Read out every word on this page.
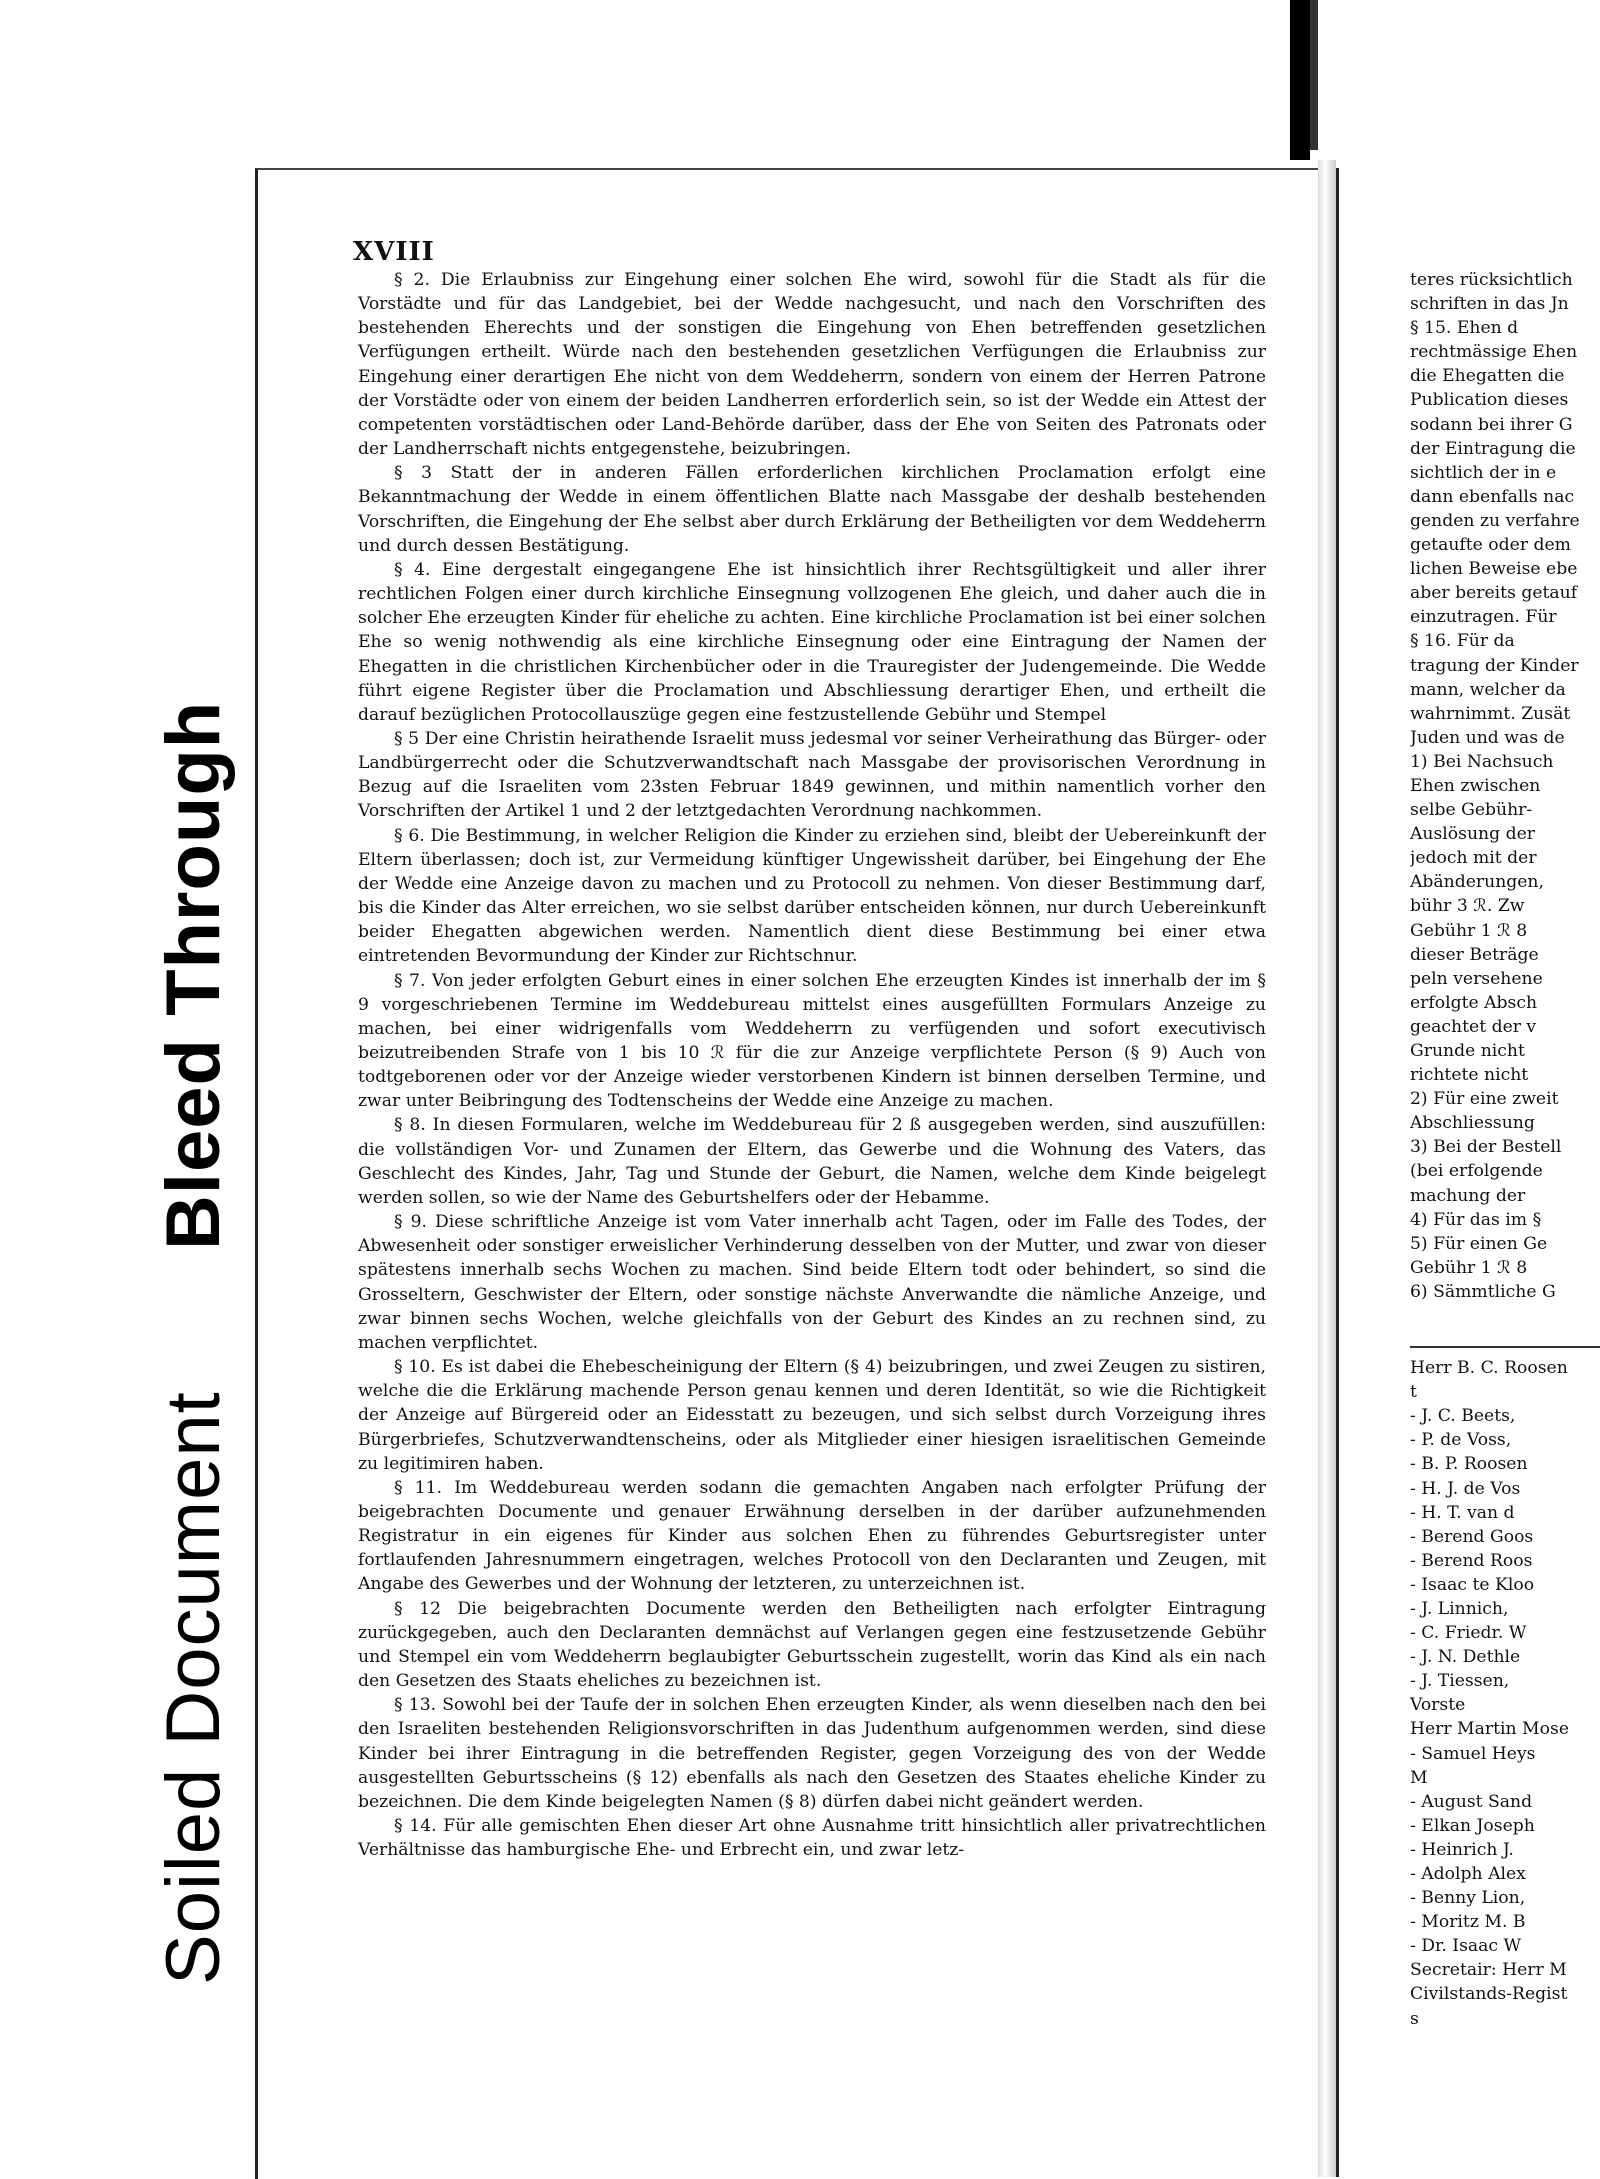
Bleed Through
Soiled Document
XVIII

§ 2. Die Erlaubniss zur Eingehung einer solchen Ehe wird, sowohl für die Stadt als für die Vorstädte und für das Landgebiet, bei der Wedde nachgesucht, und nach den Vorschriften des bestehenden Eherechts und der sonstigen die Eingehung von Ehen betreffenden gesetzlichen Verfügungen ertheilt. Würde nach den bestehenden gesetzlichen Verfügungen die Erlaubniss zur Eingehung einer derartigen Ehe nicht von dem Weddeherrn, sondern von einem der Herren Patrone der Vorstädte oder von einem der beiden Landherren erforderlich sein, so ist der Wedde ein Attest der competenten vorstädtischen oder Land-Behörde darüber, dass der Ehe von Seiten des Patronats oder der Landherrschaft nichts entgegenstehe, beizubringen.

§ 3 Statt der in anderen Fällen erforderlichen kirchlichen Proclamation erfolgt eine Bekanntmachung der Wedde in einem öffentlichen Blatte nach Massgabe der deshalb bestehenden Vorschriften, die Eingehung der Ehe selbst aber durch Erklärung der Betheiligten vor dem Weddeherrn und durch dessen Bestätigung.

§ 4. Eine dergestalt eingegangene Ehe ist hinsichtlich ihrer Rechtsgültigkeit und aller ihrer rechtlichen Folgen einer durch kirchliche Einsegnung vollzogenen Ehe gleich, und daher auch die in solcher Ehe erzeugten Kinder für eheliche zu achten. Eine kirchliche Proclamation ist bei einer solchen Ehe so wenig nothwendig als eine kirchliche Einsegnung oder eine Eintragung der Namen der Ehegatten in die christlichen Kirchenbücher oder in die Trauregister der Judengemeinde. Die Wedde führt eigene Register über die Proclamation und Abschliessung derartiger Ehen, und ertheilt die darauf bezüglichen Protocollauszüge gegen eine festzustellende Gebühr und Stempel

§ 5 Der eine Christin heirathende Israelit muss jedesmal vor seiner Verheirathung das Bürger- oder Landbürgerrecht oder die Schutzverwandtschaft nach Massgabe der provisorischen Verordnung in Bezug auf die Israeliten vom 23sten Februar 1849 gewinnen, und mithin namentlich vorher den Vorschriften der Artikel 1 und 2 der letztgedachten Verordnung nachkommen.

§ 6. Die Bestimmung, in welcher Religion die Kinder zu erziehen sind, bleibt der Uebereinkunft der Eltern überlassen; doch ist, zur Vermeidung künftiger Ungewissheit darüber, bei Eingehung der Ehe der Wedde eine Anzeige davon zu machen und zu Protocoll zu nehmen. Von dieser Bestimmung darf, bis die Kinder das Alter erreichen, wo sie selbst darüber entscheiden können, nur durch Uebereinkunft beider Ehegatten abgewichen werden. Namentlich dient diese Bestimmung bei einer etwa eintretenden Bevormundung der Kinder zur Richtschnur.

§ 7. Von jeder erfolgten Geburt eines in einer solchen Ehe erzeugten Kindes ist innerhalb der im § 9 vorgeschriebenen Termine im Weddebureau mittelst eines ausgefüllten Formulars Anzeige zu machen, bei einer widrigenfalls vom Weddeherrn zu verfügenden und sofort executivisch beizutreibenden Strafe von 1 bis 10 ℛ für die zur Anzeige verpflichtete Person (§ 9) Auch von todtgeborenen oder vor der Anzeige wieder verstorbenen Kindern ist binnen derselben Termine, und zwar unter Beibringung des Todtenscheins der Wedde eine Anzeige zu machen.

§ 8. In diesen Formularen, welche im Weddebureau für 2 ß ausgegeben werden, sind auszufüllen: die vollständigen Vor- und Zunamen der Eltern, das Gewerbe und die Wohnung des Vaters, das Geschlecht des Kindes, Jahr, Tag und Stunde der Geburt, die Namen, welche dem Kinde beigelegt werden sollen, so wie der Name des Geburtshelfers oder der Hebamme.

§ 9. Diese schriftliche Anzeige ist vom Vater innerhalb acht Tagen, oder im Falle des Todes, der Abwesenheit oder sonstiger erweislicher Verhinderung desselben von der Mutter, und zwar von dieser spätestens innerhalb sechs Wochen zu machen. Sind beide Eltern todt oder behindert, so sind die Grosseltern, Geschwister der Eltern, oder sonstige nächste Anverwandte die nämliche Anzeige, und zwar binnen sechs Wochen, welche gleichfalls von der Geburt des Kindes an zu rechnen sind, zu machen verpflichtet.

§ 10. Es ist dabei die Ehebescheinigung der Eltern (§ 4) beizubringen, und zwei Zeugen zu sistiren, welche die die Erklärung machende Person genau kennen und deren Identität, so wie die Richtigkeit der Anzeige auf Bürgereid oder an Eidesstatt zu bezeugen, und sich selbst durch Vorzeigung ihres Bürgerbriefes, Schutzverwandtenscheins, oder als Mitglieder einer hiesigen israelitischen Gemeinde zu legitimiren haben.

§ 11. Im Weddebureau werden sodann die gemachten Angaben nach erfolgter Prüfung der beigebrachten Documente und genauer Erwähnung derselben in der darüber aufzunehmenden Registratur in ein eigenes für Kinder aus solchen Ehen zu führendes Geburtsregister unter fortlaufenden Jahresnummern eingetragen, welches Protocoll von den Declaranten und Zeugen, mit Angabe des Gewerbes und der Wohnung der letzteren, zu unterzeichnen ist.

§ 12 Die beigebrachten Documente werden den Betheiligten nach erfolgter Eintragung zurückgegeben, auch den Declaranten demnächst auf Verlangen gegen eine festzusetzende Gebühr und Stempel ein vom Weddeherrn beglaubigter Geburtsschein zugestellt, worin das Kind als ein nach den Gesetzen des Staats eheliches zu bezeichnen ist.

§ 13. Sowohl bei der Taufe der in solchen Ehen erzeugten Kinder, als wenn dieselben nach den bei den Israeliten bestehenden Religionsvorschriften in das Judenthum aufgenommen werden, sind diese Kinder bei ihrer Eintragung in die betreffenden Register, gegen Vorzeigung des von der Wedde ausgestellten Geburtsscheins (§ 12) ebenfalls als nach den Gesetzen des Staates eheliche Kinder zu bezeichnen. Die dem Kinde beigelegten Namen (§ 8) dürfen dabei nicht geändert werden.

§ 14. Für alle gemischten Ehen dieser Art ohne Ausnahme tritt hinsichtlich aller privatrechtlichen Verhältnisse das hamburgische Ehe- und Erbrecht ein, und zwar letz-

teres rücksichtlich
schriften in das Jn
§ 15. Ehen d
rechtmässige Ehen
die Ehegatten die
Publication dieses
sodann bei ihrer G
der Eintragung die
sichtlich der in e
dann ebenfalls nac
genden zu verfahre
getaufte oder dem
lichen Beweise ebe
aber bereits getauf
einzutragen. Für
§ 16. Für da
tragung der Kinder
mann, welcher da
wahrnimmt. Zusät
Juden und was de
1) Bei Nachsuch
Ehen zwischen
selbe Gebühr-
Auslösung der
jedoch mit der
Abänderungen,
bühr 3 ℛ. Zw
Gebühr 1 ℛ 8
dieser Beträge
peln versehene
erfolgte Absch
geachtet der v
Grunde nicht
richtete nicht
2) Für eine zweit
Abschliessung
3) Bei der Bestell
(bei erfolgende
machung der
4) Für das im §
5) Für einen Ge
Gebühr 1 ℛ 8
6) Sämmtliche G
Herr B. C. Roosen
t
- J. C. Beets,
- P. de Voss,
- B. P. Roosen
- H. J. de Vos
- H. T. van d
- Berend Goos
- Berend Roos
- Isaac te Kloo
- J. Linnich,
- C. Friedr. W
- J. N. Dethle
- J. Tiessen,
Vorste
Herr Martin Mose
- Samuel Heys
M
- August Sand
- Elkan Joseph
- Heinrich J.
- Adolph Alex
- Benny Lion,
- Moritz M. B
- Dr. Isaac W
Secretair: Herr M
Civilstands-Regist
s
